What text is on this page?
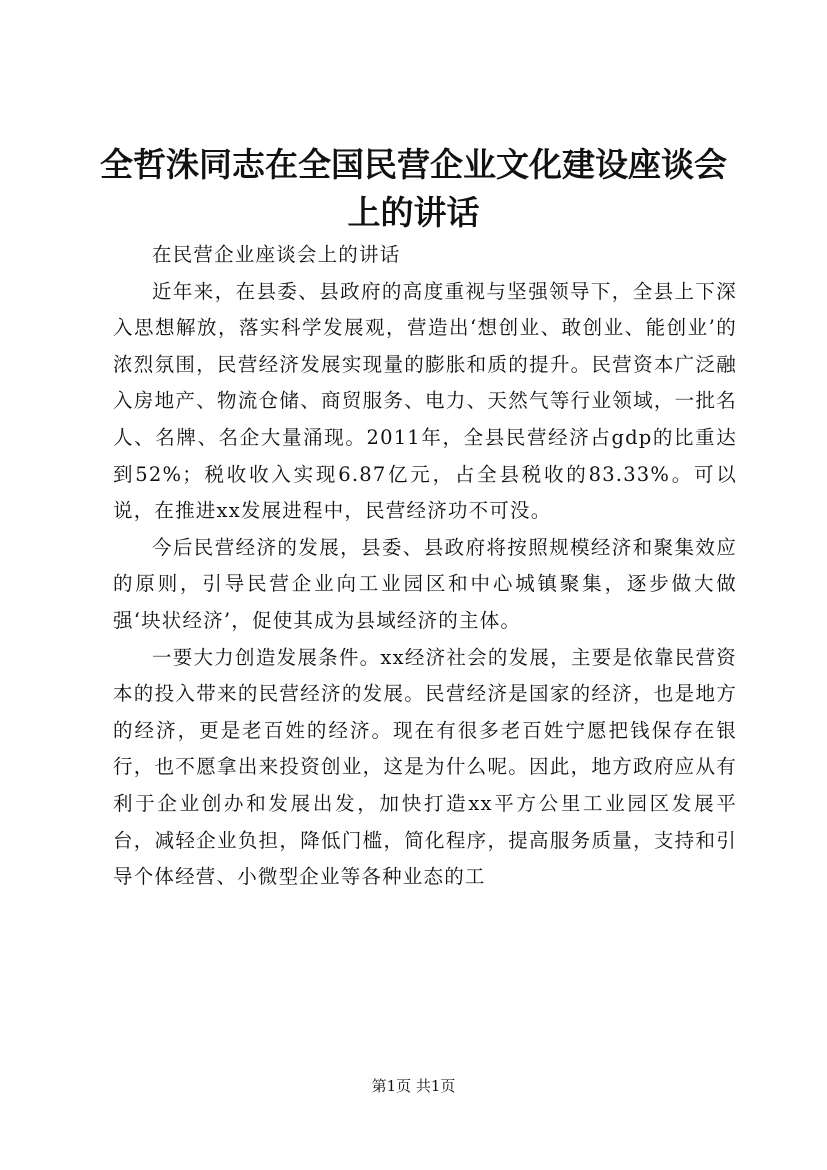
全哲洙同志在全国民营企业文化建设座谈会上的讲话

在民营企业座谈会上的讲话

近年来，在县委、县政府的高度重视与坚强领导下，全县上下深入思想解放，落实科学发展观，营造出‘想创业、敢创业、能创业’的浓烈氛围，民营经济发展实现量的膨胀和质的提升。民营资本广泛融入房地产、物流仓储、商贸服务、电力、天然气等行业领域，一批名人、名牌、名企大量涌现。2011年，全县民营经济占gdp的比重达到52%；税收收入实现6.87亿元，占全县税收的83.33%。可以说，在推进xx发展进程中，民营经济功不可没。

今后民营经济的发展，县委、县政府将按照规模经济和聚集效应的原则，引导民营企业向工业园区和中心城镇聚集，逐步做大做强‘块状经济’，促使其成为县域经济的主体。

一要大力创造发展条件。xx经济社会的发展，主要是依靠民营资本的投入带来的民营经济的发展。民营经济是国家的经济，也是地方的经济，更是老百姓的经济。现在有很多老百姓宁愿把钱保存在银行，也不愿拿出来投资创业，这是为什么呢。因此，地方政府应从有利于企业创办和发展出发，加快打造xx平方公里工业园区发展平台，减轻企业负担，降低门槛，简化程序，提高服务质量，支持和引导个体经营、小微型企业等各种业态的工

第1页 共1页
